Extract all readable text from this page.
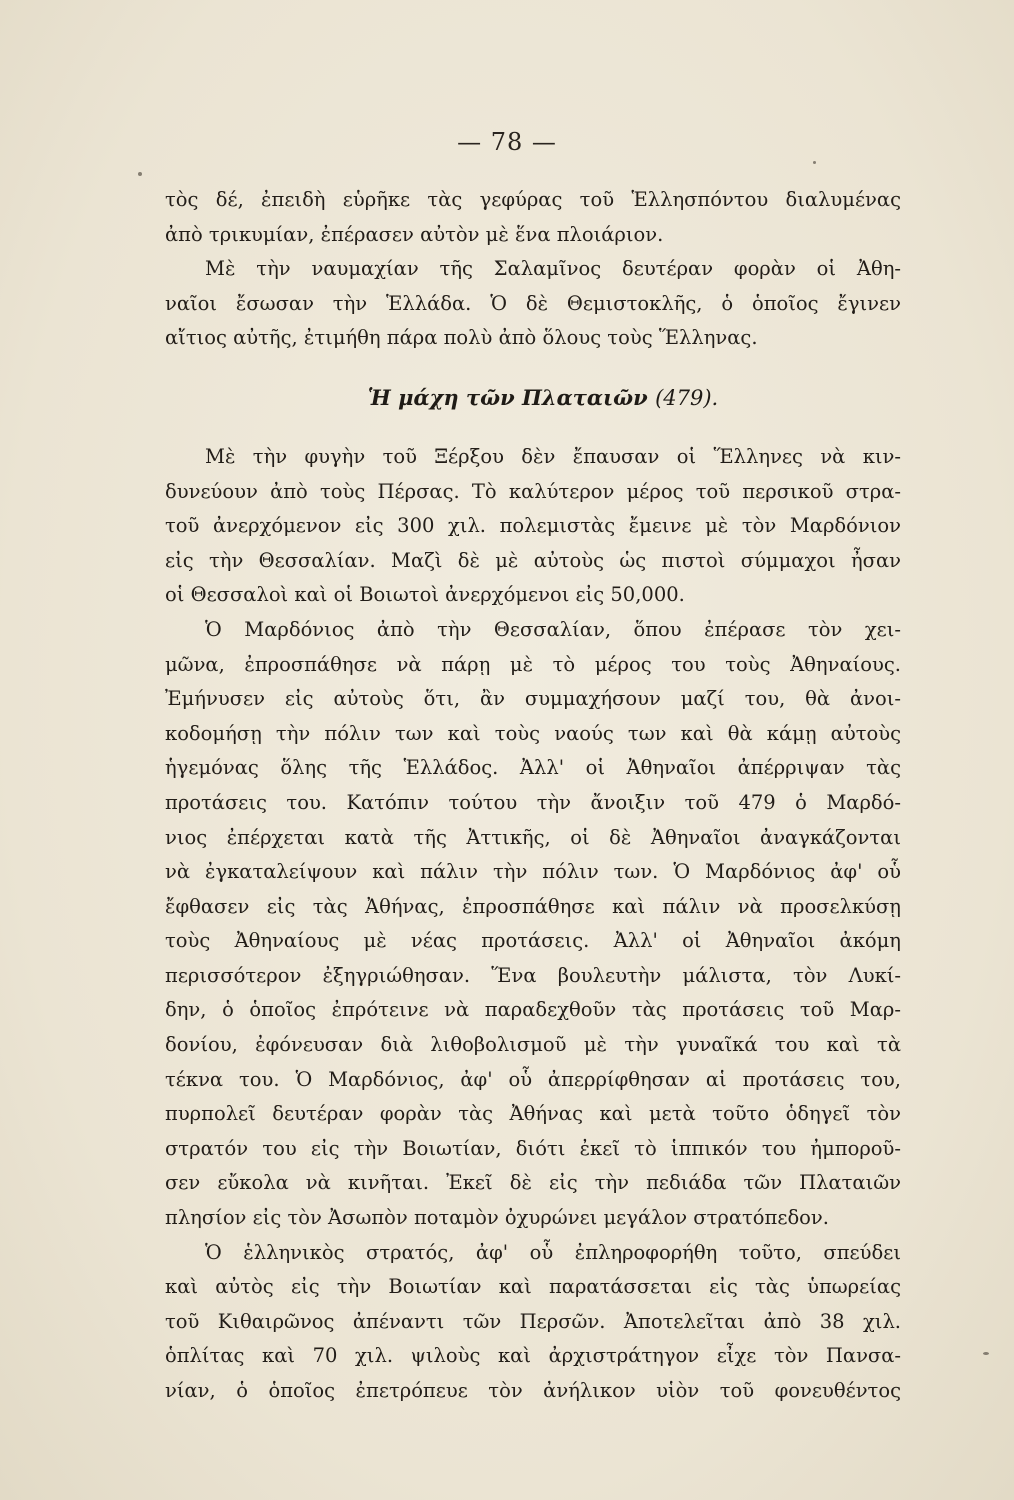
— 78 —
τὸς δέ, ἐπειδὴ εὑρῆκε τὰς γεφύρας τοῦ Ἑλλησπόντου διαλυμένας
ἀπὸ τρικυμίαν, ἐπέρασεν αὐτὸν μὲ ἕνα πλοιάριον.
Μὲ τὴν ναυμαχίαν τῆς Σαλαμῖνος δευτέραν φορὰν οἱ Ἀθη-
ναῖοι ἔσωσαν τὴν Ἑλλάδα. Ὁ δὲ Θεμιστοκλῆς, ὁ ὁποῖος ἔγινεν
αἴτιος αὐτῆς, ἐτιμήθη πάρα πολὺ ἀπὸ ὅλους τοὺς Ἕλληνας.
Ἡ μάχη τῶν Πλαταιῶν (479).
Μὲ τὴν φυγὴν τοῦ Ξέρξου δὲν ἔπαυσαν οἱ Ἕλληνες νὰ κιν-
δυνεύουν ἀπὸ τοὺς Πέρσας. Τὸ καλύτερον μέρος τοῦ περσικοῦ στρα-
τοῦ ἀνερχόμενον εἰς 300 χιλ. πολεμιστὰς ἔμεινε μὲ τὸν Μαρδόνιον
εἰς τὴν Θεσσαλίαν. Μαζὶ δὲ μὲ αὐτοὺς ὡς πιστοὶ σύμμαχοι ἦσαν
οἱ Θεσσαλοὶ καὶ οἱ Βοιωτοὶ ἀνερχόμενοι εἰς 50,000.
Ὁ Μαρδόνιος ἀπὸ τὴν Θεσσαλίαν, ὅπου ἐπέρασε τὸν χει-
μῶνα, ἐπροσπάθησε νὰ πάρῃ μὲ τὸ μέρος του τοὺς Ἀθηναίους.
Ἐμήνυσεν εἰς αὐτοὺς ὅτι, ἂν συμμαχήσουν μαζί του, θὰ ἀνοι-
κοδομήσῃ τὴν πόλιν των καὶ τοὺς ναούς των καὶ θὰ κάμῃ αὐτοὺς
ἡγεμόνας ὅλης τῆς Ἑλλάδος. Ἀλλ' οἱ Ἀθηναῖοι ἀπέρριψαν τὰς
προτάσεις του. Κατόπιν τούτου τὴν ἄνοιξιν τοῦ 479 ὁ Μαρδό-
νιος ἐπέρχεται κατὰ τῆς Ἀττικῆς, οἱ δὲ Ἀθηναῖοι ἀναγκάζονται
νὰ ἐγκαταλείψουν καὶ πάλιν τὴν πόλιν των. Ὁ Μαρδόνιος ἀφ' οὗ
ἔφθασεν εἰς τὰς Ἀθήνας, ἐπροσπάθησε καὶ πάλιν νὰ προσελκύσῃ
τοὺς Ἀθηναίους μὲ νέας προτάσεις. Ἀλλ' οἱ Ἀθηναῖοι ἀκόμη
περισσότερον ἐξηγριώθησαν. Ἕνα βουλευτὴν μάλιστα, τὸν Λυκί-
δην, ὁ ὁποῖος ἐπρότεινε νὰ παραδεχθοῦν τὰς προτάσεις τοῦ Μαρ-
δονίου, ἐφόνευσαν διὰ λιθοβολισμοῦ μὲ τὴν γυναῖκά του καὶ τὰ
τέκνα του. Ὁ Μαρδόνιος, ἀφ' οὗ ἀπερρίφθησαν αἱ προτάσεις του,
πυρπολεῖ δευτέραν φορὰν τὰς Ἀθήνας καὶ μετὰ τοῦτο ὁδηγεῖ τὸν
στρατόν του εἰς τὴν Βοιωτίαν, διότι ἐκεῖ τὸ ἱππικόν του ἠμποροῦ-
σεν εὔκολα νὰ κινῆται. Ἐκεῖ δὲ εἰς τὴν πεδιάδα τῶν Πλαταιῶν
πλησίον εἰς τὸν Ἀσωπὸν ποταμὸν ὀχυρώνει μεγάλον στρατόπεδον.
Ὁ ἑλληνικὸς στρατός, ἀφ' οὗ ἐπληροφορήθη τοῦτο, σπεύδει
καὶ αὐτὸς εἰς τὴν Βοιωτίαν καὶ παρατάσσεται εἰς τὰς ὑπωρείας
τοῦ Κιθαιρῶνος ἀπέναντι τῶν Περσῶν. Ἀποτελεῖται ἀπὸ 38 χιλ.
ὁπλίτας καὶ 70 χιλ. ψιλοὺς καὶ ἀρχιστράτηγον εἶχε τὸν Πανσα-
νίαν, ὁ ὁποῖος ἐπετρόπευε τὸν ἀνήλικον υἱὸν τοῦ φονευθέντος
